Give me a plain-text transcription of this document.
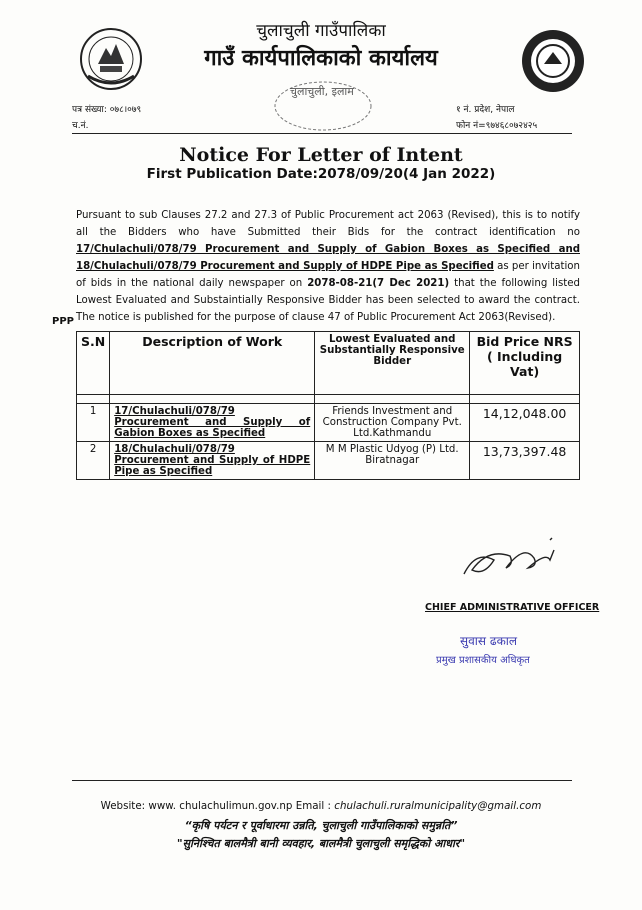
चुलाचुली गाउँपालिका
गाउँ कार्यपालिकाको कार्यालय
चुलाचुली, इलाम
पत्र संख्या: ०७८।०७९
च.नं.
१ नं. प्रदेश, नेपाल
फोन नं=९७४६८०७२४२५
Notice For Letter of Intent
First Publication Date:2078/09/20(4 Jan 2022)
Pursuant to sub Clauses 27.2 and 27.3 of Public Procurement act 2063 (Revised), this is to notify all the Bidders who have Submitted their Bids for the contract identification no 17/Chulachuli/078/79 Procurement and Supply of Gabion Boxes as Specified and 18/Chulachuli/078/79 Procurement and Supply of HDPE Pipe as Specified as per invitation of bids in the national daily newspaper on 2078-08-21(7 Dec 2021) that the following listed Lowest Evaluated and Substaintially Responsive Bidder has been selected to award the contract. The notice is published for the purpose of clause 47 of Public Procurement Act 2063(Revised).
PPP
S.N	Description of Work	Lowest Evaluated and Substantially Responsive Bidder	Bid Price NRS ( Including Vat)

1	17/Chulachuli/078/79 Procurement and Supply of Gabion Boxes as Specified	Friends Investment and Construction Company Pvt. Ltd.Kathmandu	14,12,048.00
2	18/Chulachuli/078/79 Procurement and Supply of HDPE Pipe as Specified	M M Plastic Udyog (P) Ltd. Biratnagar	13,73,397.48
CHIEF ADMINISTRATIVE OFFICER
सुवास ढकाल
प्रमुख प्रशासकीय अधिकृत
Website: www. chulachulimun.gov.np Email : chulachuli.ruralmunicipality@gmail.com
“कृषि पर्यटन र पूर्वाधारमा उन्नति, चुलाचुली गाउँपालिकाको समुन्नति”
"सुनिश्चित बालमैत्री बानी व्यवहार, बालमैत्री चुलाचुली समृद्धिको आधार"
